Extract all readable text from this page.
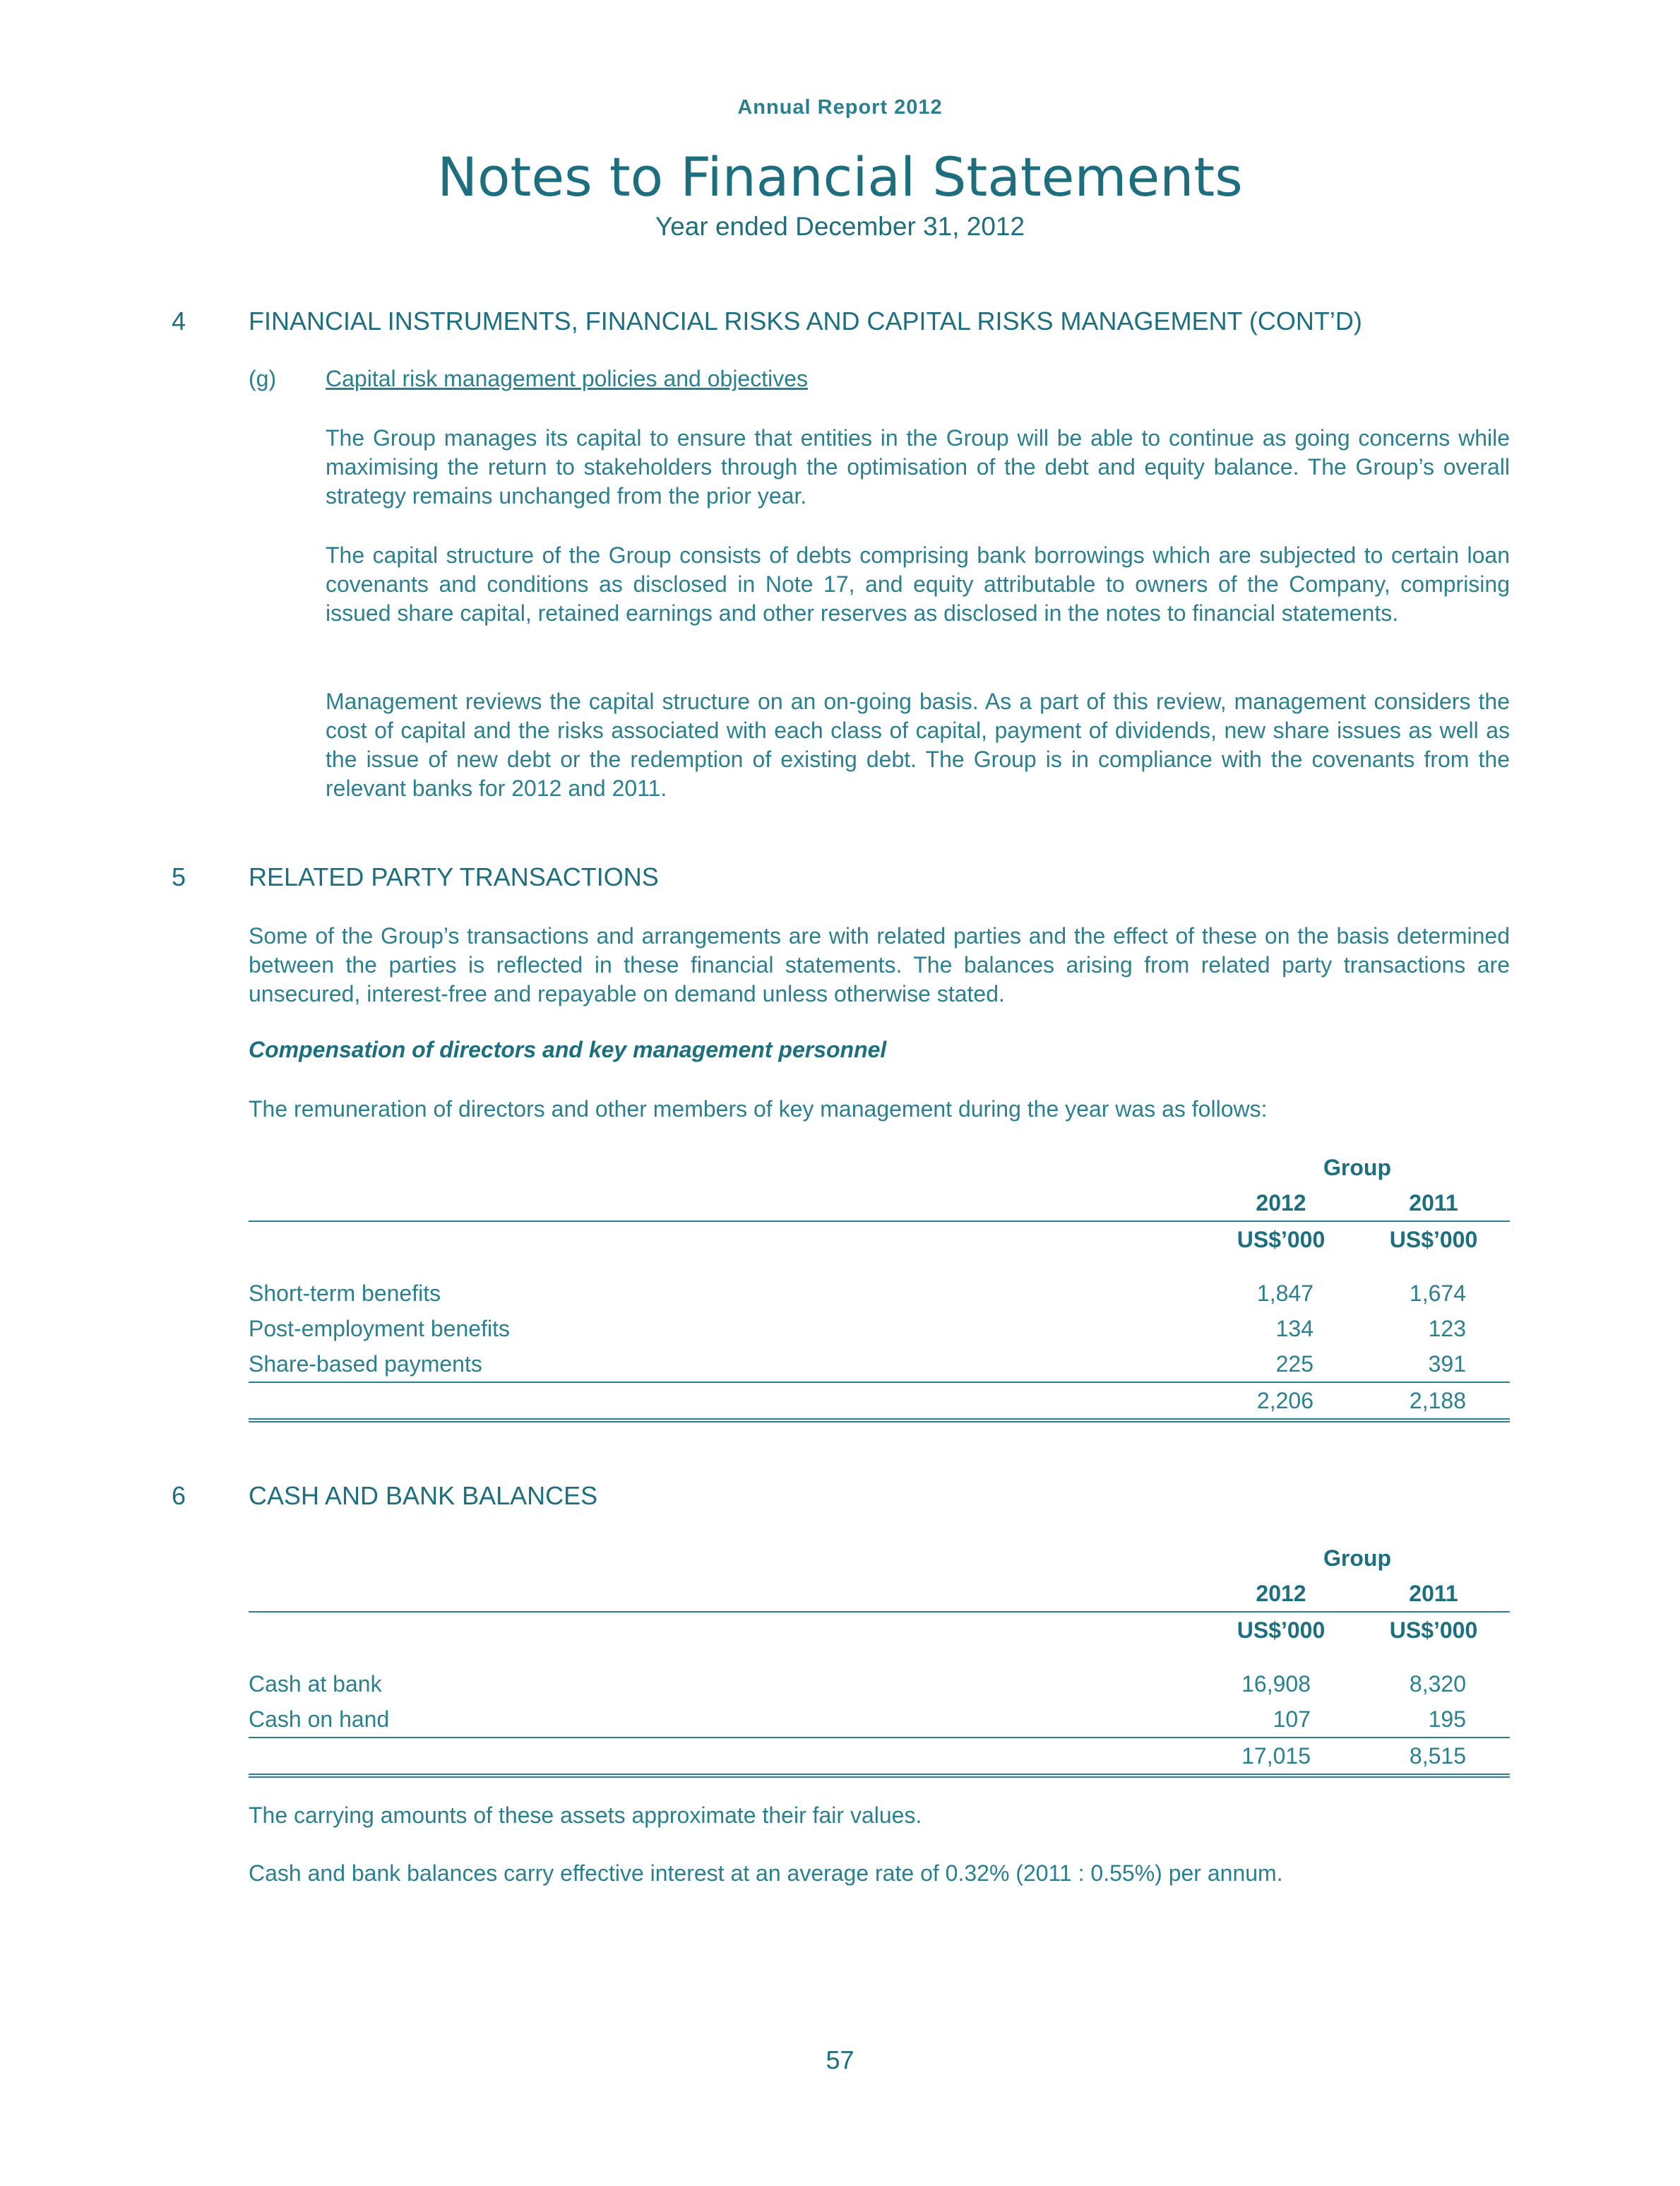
Annual Report 2012
Notes to Financial Statements
Year ended December 31, 2012
4 FINANCIAL INSTRUMENTS, FINANCIAL RISKS AND CAPITAL RISKS MANAGEMENT (CONT’D)
(g) Capital risk management policies and objectives
The Group manages its capital to ensure that entities in the Group will be able to continue as going concerns while maximising the return to stakeholders through the optimisation of the debt and equity balance. The Group’s overall strategy remains unchanged from the prior year.
The capital structure of the Group consists of debts comprising bank borrowings which are subjected to certain loan covenants and conditions as disclosed in Note 17, and equity attributable to owners of the Company, comprising issued share capital, retained earnings and other reserves as disclosed in the notes to financial statements.
Management reviews the capital structure on an on-going basis. As a part of this review, management considers the cost of capital and the risks associated with each class of capital, payment of dividends, new share issues as well as the issue of new debt or the redemption of existing debt. The Group is in compliance with the covenants from the relevant banks for 2012 and 2011.
5 RELATED PARTY TRANSACTIONS
Some of the Group’s transactions and arrangements are with related parties and the effect of these on the basis determined between the parties is reflected in these financial statements. The balances arising from related party transactions are unsecured, interest-free and repayable on demand unless otherwise stated.
Compensation of directors and key management personnel
The remuneration of directors and other members of key management during the year was as follows:
	Group	
	2012	2011
	US$’000	US$’000

Short-term benefits	1,847	1,674
Post-employment benefits	134	123
Share-based payments	225	391
	2,206	2,188
6 CASH AND BANK BALANCES
	Group	
	2012	2011
	US$’000	US$’000

Cash at bank	16,908	8,320
Cash on hand	107	195
	17,015	8,515
The carrying amounts of these assets approximate their fair values.
Cash and bank balances carry effective interest at an average rate of 0.32% (2011 : 0.55%) per annum.
57
